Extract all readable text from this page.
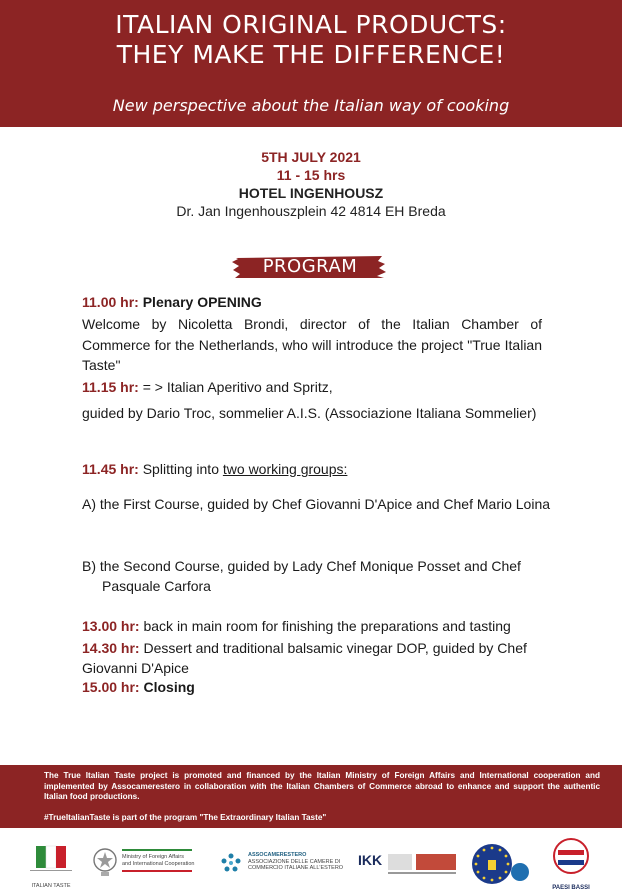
ITALIAN ORIGINAL PRODUCTS:
THEY MAKE THE DIFFERENCE!
New perspective about the Italian way of cooking
5TH JULY 2021
11 - 15 hrs
HOTEL INGENHOUSZ
Dr. Jan Ingenhouszplein 42 4814 EH Breda
PROGRAM
11.00 hr: Plenary OPENING
Welcome by Nicoletta Brondi, director of the Italian Chamber of Commerce for the Netherlands, who will introduce the project "True Italian Taste"
11.15 hr: = > Italian Aperitivo and Spritz,
guided by Dario Troc, sommelier A.I.S. (Associazione Italiana Sommelier)
11.45 hr: Splitting into two working groups:
A) the First Course, guided by Chef Giovanni D'Apice and Chef Mario Loina
B) the Second Course, guided by Lady Chef Monique Posset and Chef Pasquale Carfora
13.00 hr: back in main room for finishing the preparations and tasting
14.30 hr: Dessert and traditional balsamic vinegar DOP, guided by Chef Giovanni D'Apice
15.00 hr: Closing

The True Italian Taste project is promoted and financed by the Italian Ministry of Foreign Affairs and International cooperation and implemented by Assocamerestero in collaboration with the Italian Chambers of Commerce abroad to enhance and support the authentic Italian food productions.

#TrueItalianTaste is part of the program "The Extraordinary Italian Taste"

ITALIAN TASTE
Ministry of Foreign Affairs
and International Cooperation
ASSOCAMERESTERO
ASSOCIAZIONE DELLE CAMERE DI
COMMERCIO ITALIANE ALL'ESTERO IKK
PAESI BASSI
